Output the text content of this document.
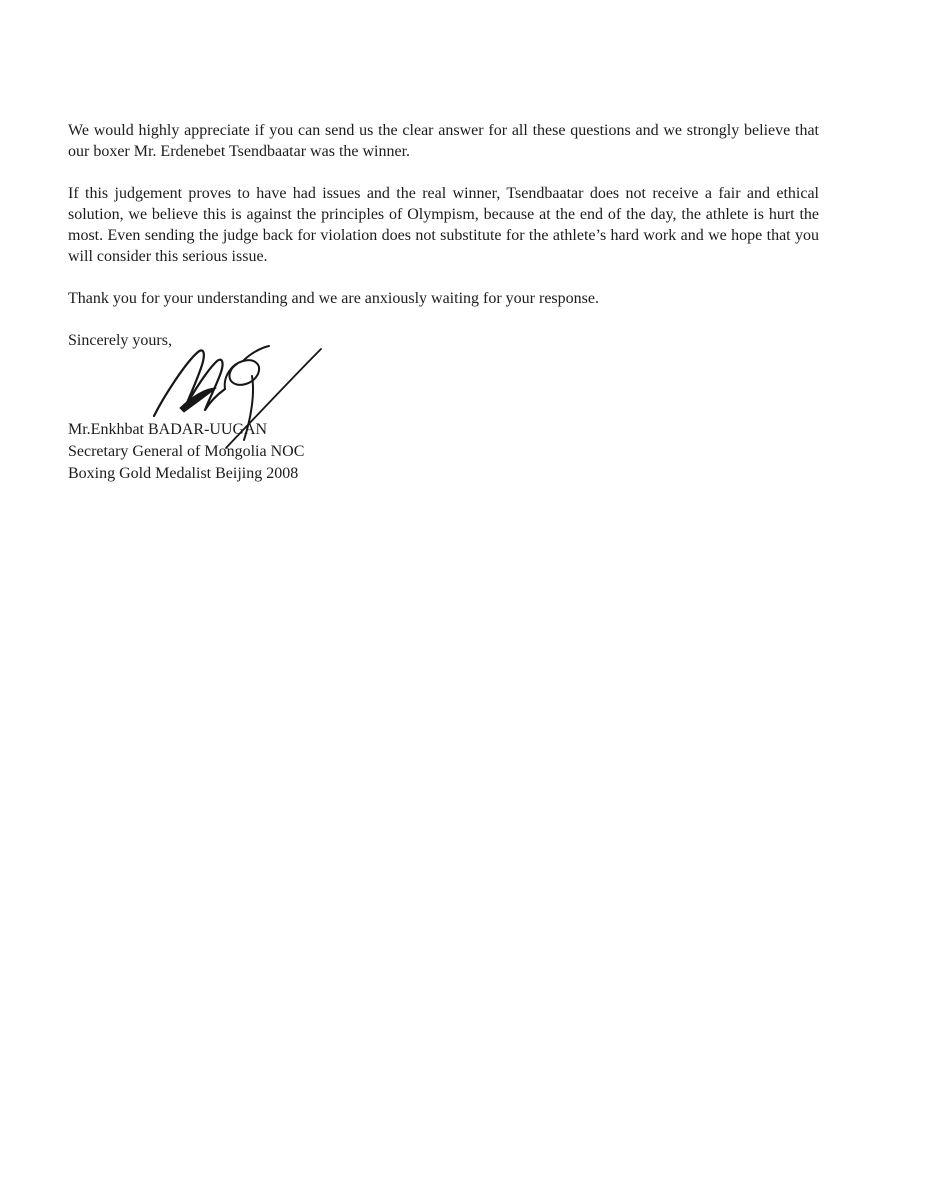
We would highly appreciate if you can send us the clear answer for all these questions and we strongly believe that our boxer Mr. Erdenebet Tsendbaatar was the winner.

If this judgement proves to have had issues and the real winner, Tsendbaatar does not receive a fair and ethical solution, we believe this is against the principles of Olympism, because at the end of the day, the athlete is hurt the most. Even sending the judge back for violation does not substitute for the athlete’s hard work and we hope that you will consider this serious issue.

Thank you for your understanding and we are anxiously waiting for your response.

Sincerely yours,

Mr.Enkhbat BADAR-UUGAN
Secretary General of Mongolia NOC
Boxing Gold Medalist Beijing 2008
